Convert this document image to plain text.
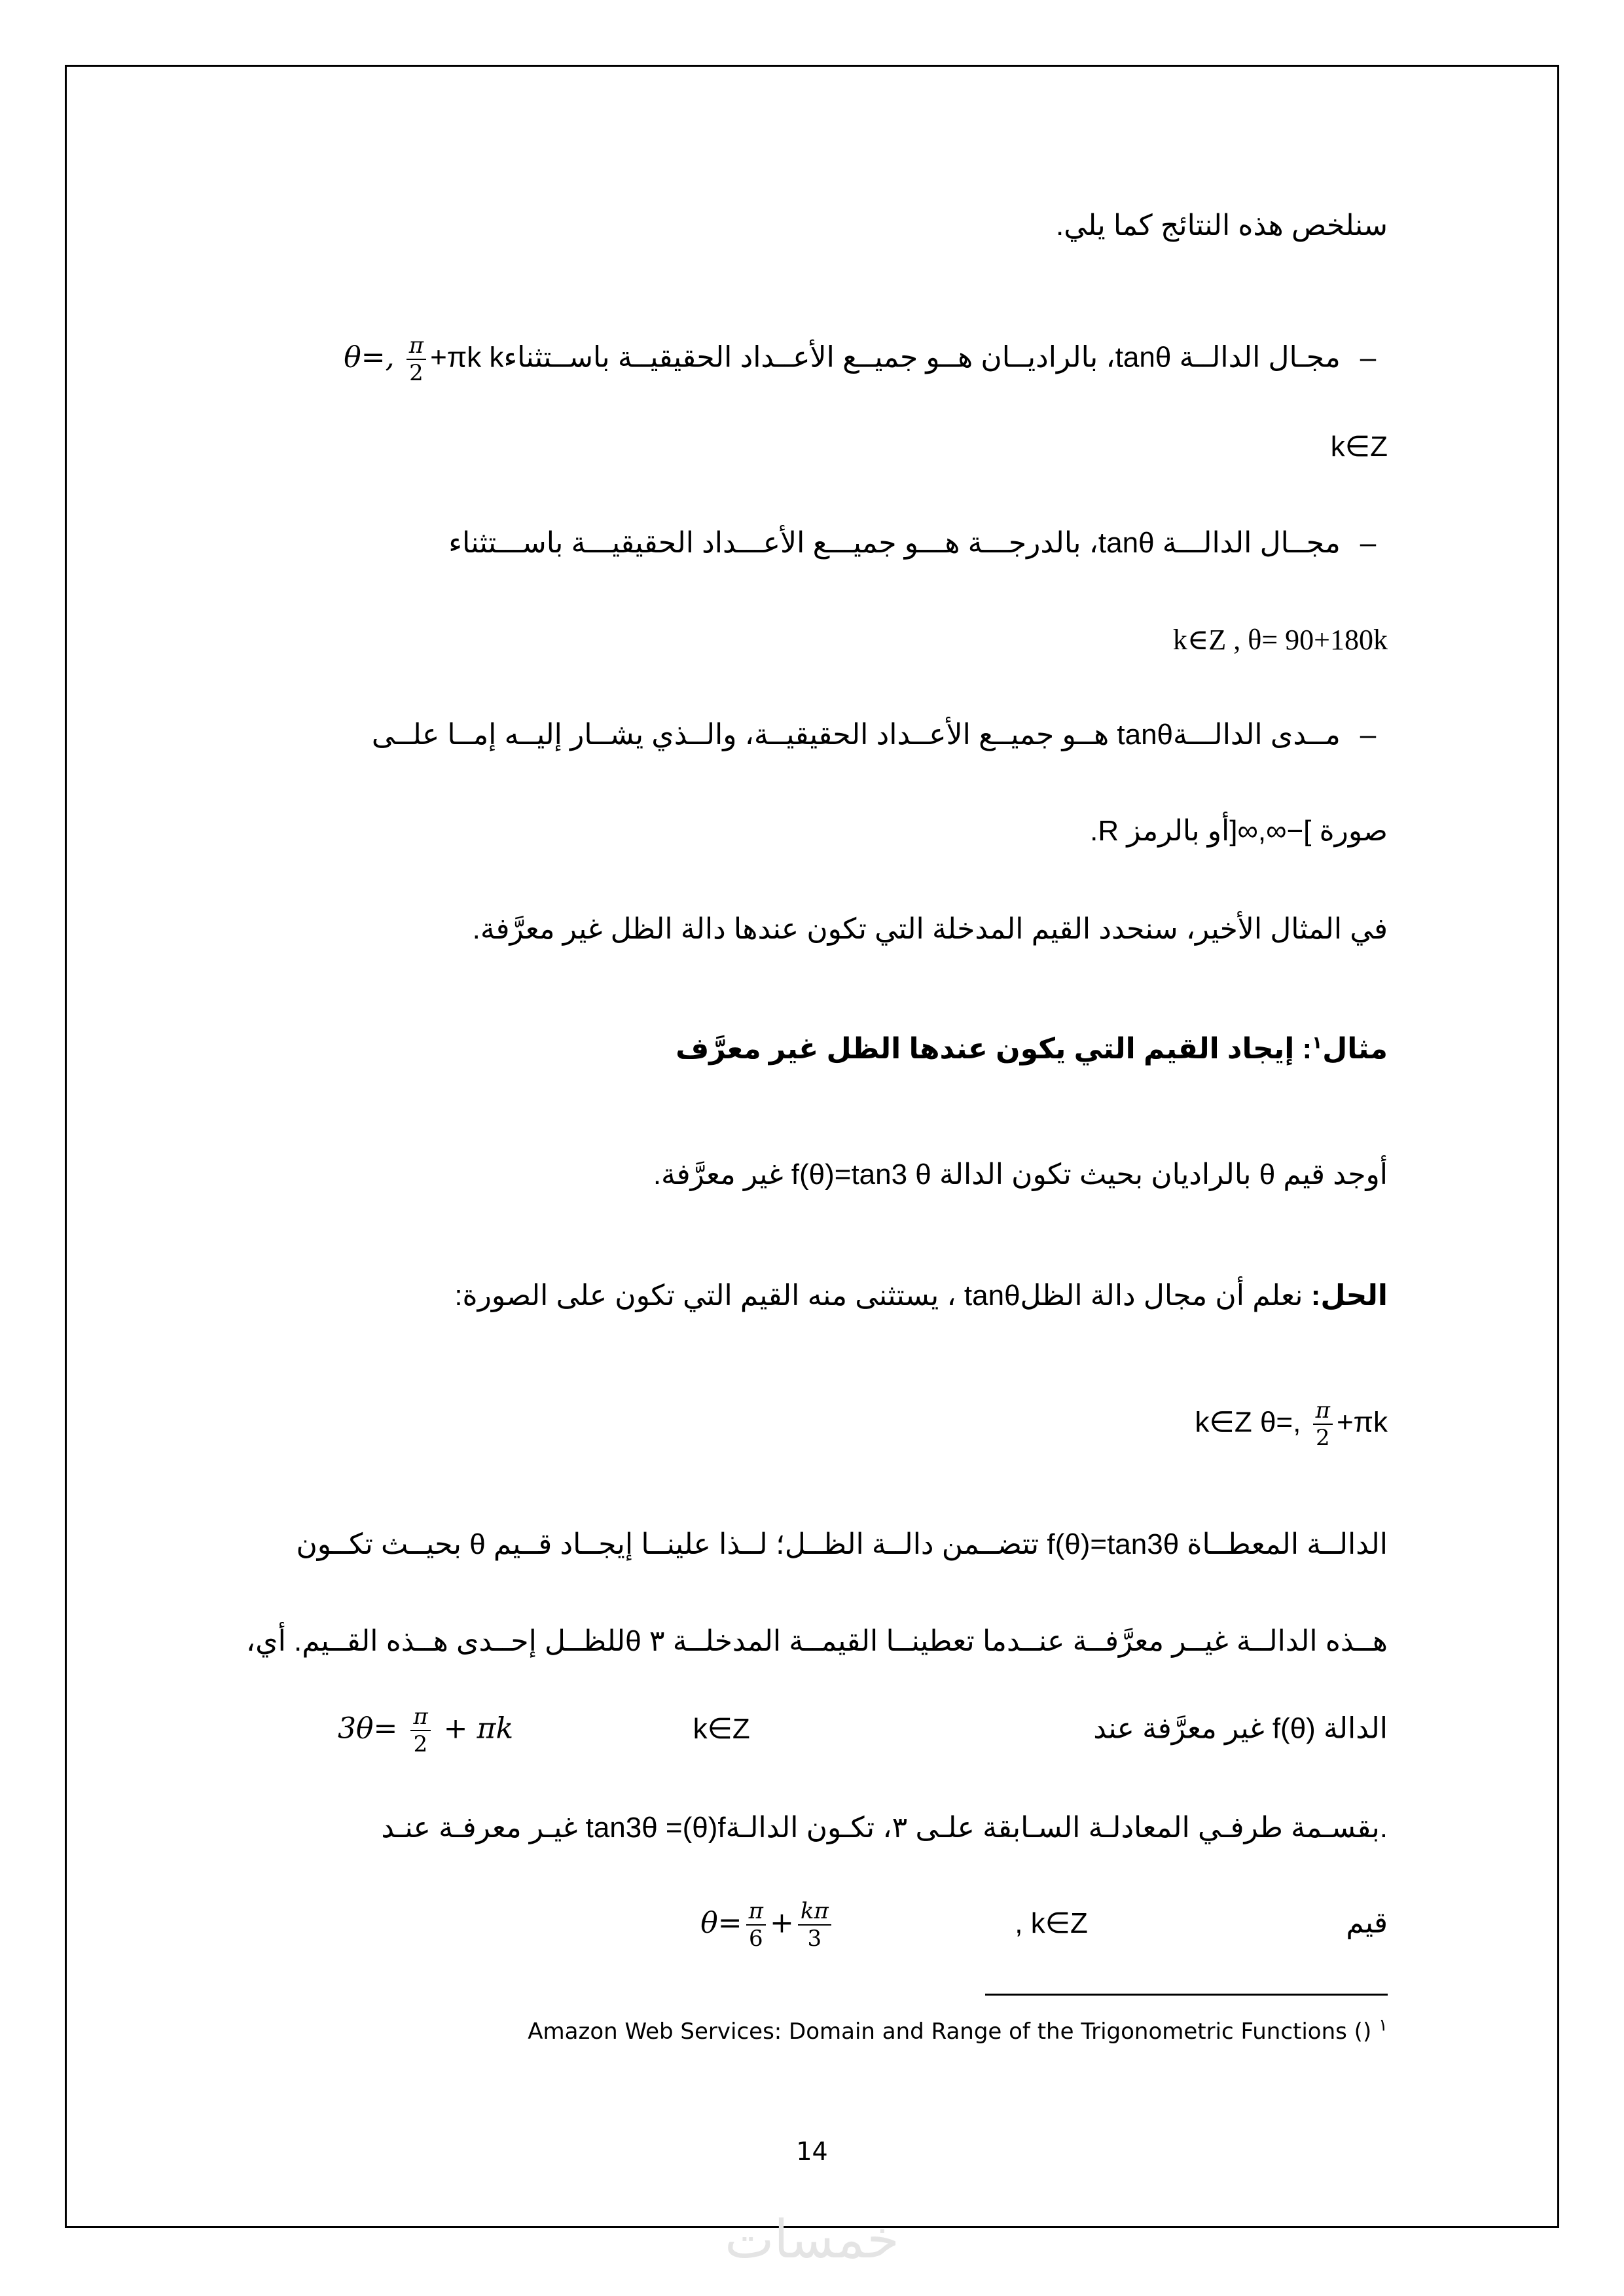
سنلخص هذه النتائج كما يلي.
– مجـال الدالــة tanθ، بالراديــان هــو جميــع الأعــداد الحقيقيــة باســتثناءk θ=, $\frac{\pi}{2} +\pi k$
k∈Z
– مجــال الدالـــة tanθ، بالدرجـــة هـــو جميـــع الأعـــداد الحقيقيـــة باســـتثناء
k∈Z , θ= 90+180k
– مــدى الدالـــةtanθ هــو جميــع الأعــداد الحقيقيــة، والــذي يشــار إليــه إمــا علــى
صورة ]−∞,∞[أو بالرمز R.
في المثال الأخير، سنحدد القيم المدخلة التي تكون عندها دالة الظل غير معرَّفة.
مثال$^١$: إيجاد القيم التي يكون عندها الظل غير معرَّف
أوجد قيم θ بالراديان بحيث تكون الدالة f(θ)=tan3 θ غير معرَّفة.
الحل: نعلم أن مجال دالة الظلtanθ ، يستثنى منه القيم التي تكون على الصورة:
k∈Z θ=, $\frac{\pi}{2} +\pi k$
الدالــة المعطــاة f(θ)=tan3θ تتضــمن دالــة الظــل؛ لــذا علينــا إيجــاد قــيم θ بحيــث تكــون
هــذه الدالــة غيــر معرَّفــة عنــدما تعطينــا القيمــة المدخلــة ٣ θللظــل إحــدى هــذه القــيم. أي،
الدالة f(θ) غير معرَّفة عند  k∈Z  $3\theta= \frac{\pi}{2} + \pi k$
.بقسـمة طرفـي المعادلـة السـابقة علـى ٣، تكـون الدالـةtan3θ =(θ)f غيـر معرفـة عنـد
قيم  , k∈Z  $\theta= \frac{\pi}{6} + \frac{k\pi}{3}$
Amazon Web Services: Domain and Range of the Trigonometric Functions () $^١$
14
خمسات
